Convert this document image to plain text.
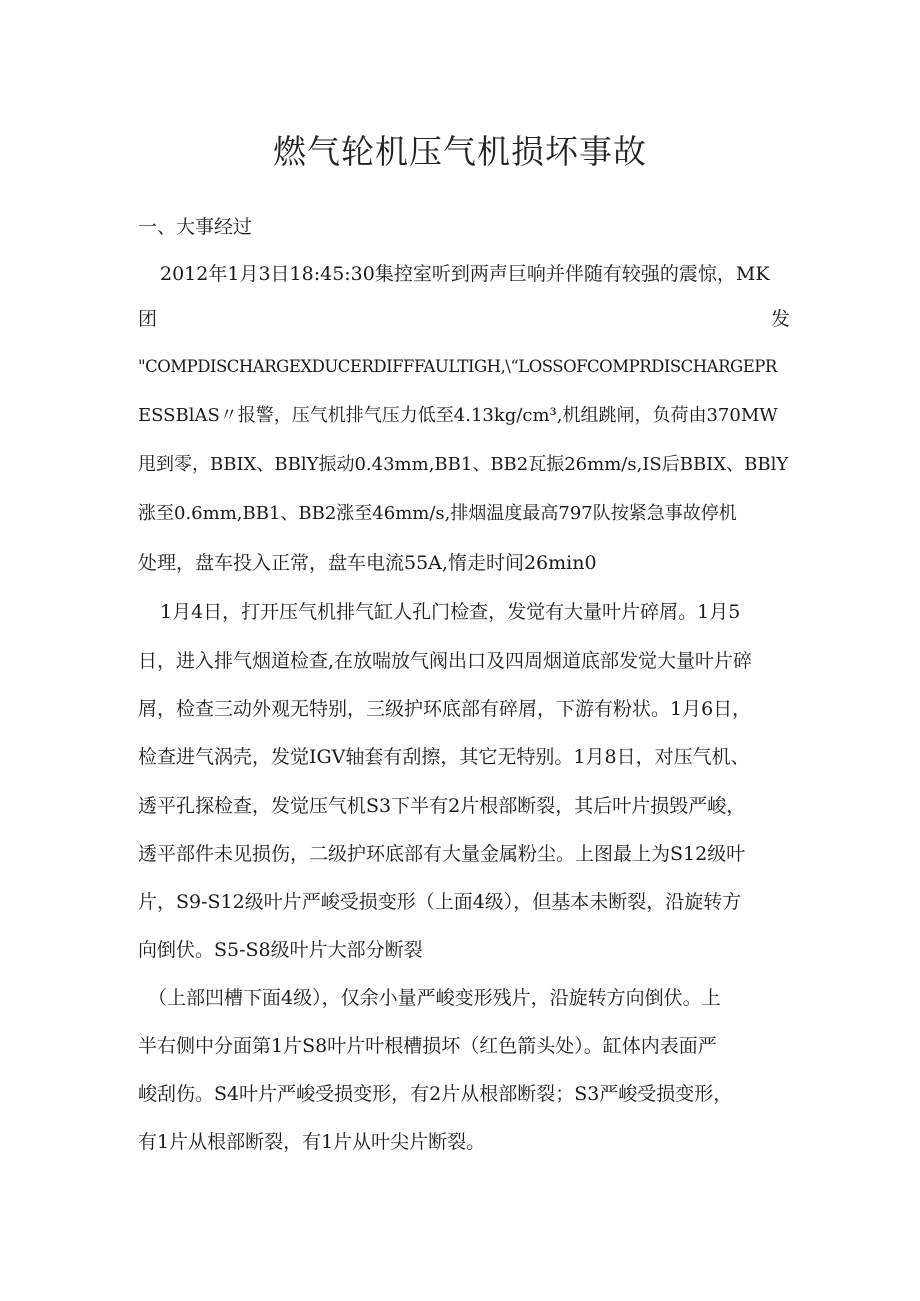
燃气轮机压气机损坏事故
一、大事经过
2012年1月3日18:45:30集控室听到两声巨响并伴随有较强的震惊，MK
团	发
"COMPDISCHARGEXDUCERDIFFFAULTIGH‚\“LOSSOFCOMPRDISCHARGEPR
ESSBlAS〃报警，压气机排气压力低至4.13kg∕cm³,机组跳闸，负荷由370MW
甩到零，BBIX、BBlY振动0.43mm,BB1、BB2瓦振26mm∕s,IS后BBIX、BBlY
涨至0.6mm,BB1、BB2涨至46mm∕s,排烟温度最高797队按紧急事故停机
处理，盘车投入正常，盘车电流55A,惰走时间26min0
1月4日，打开压气机排气缸人孔门检查，发觉有大量叶片碎屑。1月5
日，进入排气烟道检查,在放喘放气阀出口及四周烟道底部发觉大量叶片碎
屑，检查三动外观无特别，三级护环底部有碎屑，下游有粉状。1月6日，
检查进气涡壳，发觉IGV轴套有刮擦，其它无特别。1月8日，对压气机、
透平孔探检查，发觉压气机S3下半有2片根部断裂，其后叶片损毁严峻，
透平部件未见损伤，二级护环底部有大量金属粉尘。上图最上为S12级叶
片，S9-S12级叶片严峻受损变形（上面4级），但基本未断裂，沿旋转方
向倒伏。S5-S8级叶片大部分断裂
（上部凹槽下面4级），仅余小量严峻变形残片，沿旋转方向倒伏。上
半右侧中分面第1片S8叶片叶根槽损坏（红色箭头处）。缸体内表面严
峻刮伤。S4叶片严峻受损变形，有2片从根部断裂；S3严峻受损变形，
有1片从根部断裂，有1片从叶尖片断裂。
